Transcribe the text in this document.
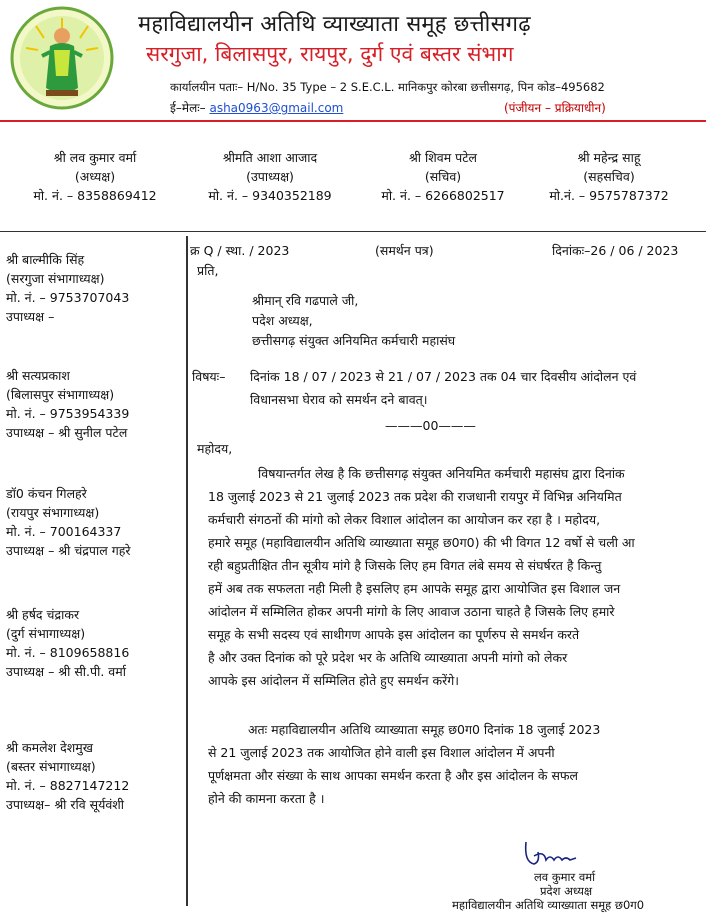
महाविद्यालयीन अतिथि व्याख्याता समूह छत्तीसगढ़
सरगुजा, बिलासपुर, रायपुर, दुर्ग एवं बस्तर संभाग
कार्यालयीन पताः– H/No. 35 Type – 2 S.E.C.L. मानिकपुर कोरबा छत्तीसगढ़, पिन कोड–495682
ई–मेलः– asha0963@gmail.com	(पंजीयन – प्रक्रियाधीन)
श्री लव कुमार वर्मा
(अध्यक्ष)
मो. नं. – 8358869412
श्रीमति आशा आजाद
(उपाध्यक्ष)
मो. नं. – 9340352189
श्री शिवम पटेल
(सचिव)
मो. नं. – 6266802517
श्री महेन्द्र साहू
(सहसचिव)
मो.नं. – 9575787372
श्री बाल्मीकि सिंह
(सरगुजा संभागाध्यक्ष)
मो. नं. – 9753707043
उपाध्यक्ष –
श्री सत्यप्रकाश
(बिलासपुर संभागाध्यक्ष)
मो. नं. – 9753954339
उपाध्यक्ष – श्री सुनील पटेल
डॉ0 कंचन गिलहरे
(रायपुर संभागाध्यक्ष)
मो. नं. – 700164337
उपाध्यक्ष – श्री चंद्रपाल गहरे
श्री हर्षद चंद्राकर
(दुर्ग संभागाध्यक्ष)
मो. नं. – 8109658816
उपाध्यक्ष – श्री सी.पी. वर्मा
श्री कमलेश देशमुख
(बस्तर संभागाध्यक्ष)
मो. नं. – 8827147212
उपाध्यक्ष– श्री रवि सूर्यवंशी
क्र Q / स्था. / 2023	(समर्थन पत्र)	दिनांकः–26 / 06 / 2023
प्रति,
श्रीमान् रवि गढपाले जी,
पदेश अध्यक्ष,
छत्तीसगढ़ संयुक्त अनियमित कर्मचारी महासंघ
विषयः– दिनांक 18 / 07 / 2023 से 21 / 07 / 2023 तक 04 चार दिवसीय आंदोलन एवं
विधानसभा घेराव को समर्थन दने बावत्।
———00———
महोदय,
विषयान्तर्गत लेख है कि छत्तीसगढ़ संयुक्त अनियमित कर्मचारी महासंघ द्वारा दिनांक
18 जुलाई 2023 से 21 जुलाई 2023 तक प्रदेश की राजधानी रायपुर में विभिन्न अनियमित
कर्मचारी संगठनों की मांगो को लेकर विशाल आंदोलन का आयोजन कर रहा है । महोदय,
हमारे समूह (महाविद्यालयीन अतिथि व्याख्याता समूह छ0ग0) की भी विगत 12 वर्षो से चली आ
रही बहुप्रतीक्षित तीन सूत्रीय मांगे है जिसके लिए हम विगत लंबे समय से संघर्षरत है किन्तु
हमें अब तक सफलता नही मिली है इसलिए हम आपके समूह द्वारा आयोजित इस विशाल जन
आंदोलन में सम्मिलित होकर अपनी मांगो के लिए आवाज उठाना चाहते है जिसके लिए हमारे
समूह के सभी सदस्य एवं साथीगण आपके इस आंदोलन का पूर्णरुप से समर्थन करते
है और उक्त दिनांक को पूरे प्रदेश भर के अतिथि व्याख्याता अपनी मांगो को लेकर
आपके इस आंदोलन में सम्मिलित होते हुए समर्थन करेंगे।
अतः महाविद्यालयीन अतिथि व्याख्याता समूह छ0ग0 दिनांक 18 जुलाई 2023
से 21 जुलाई 2023 तक आयोजित होने वाली इस विशाल आंदोलन में अपनी
पूर्णक्षमता और संख्या के साथ आपका समर्थन करता है और इस आंदोलन के सफल
होने की कामना करता है ।
लव कुमार वर्मा
प्रदेश अध्यक्ष
महाविद्यालयीन अतिथि व्याख्याता समूह छ0ग0
